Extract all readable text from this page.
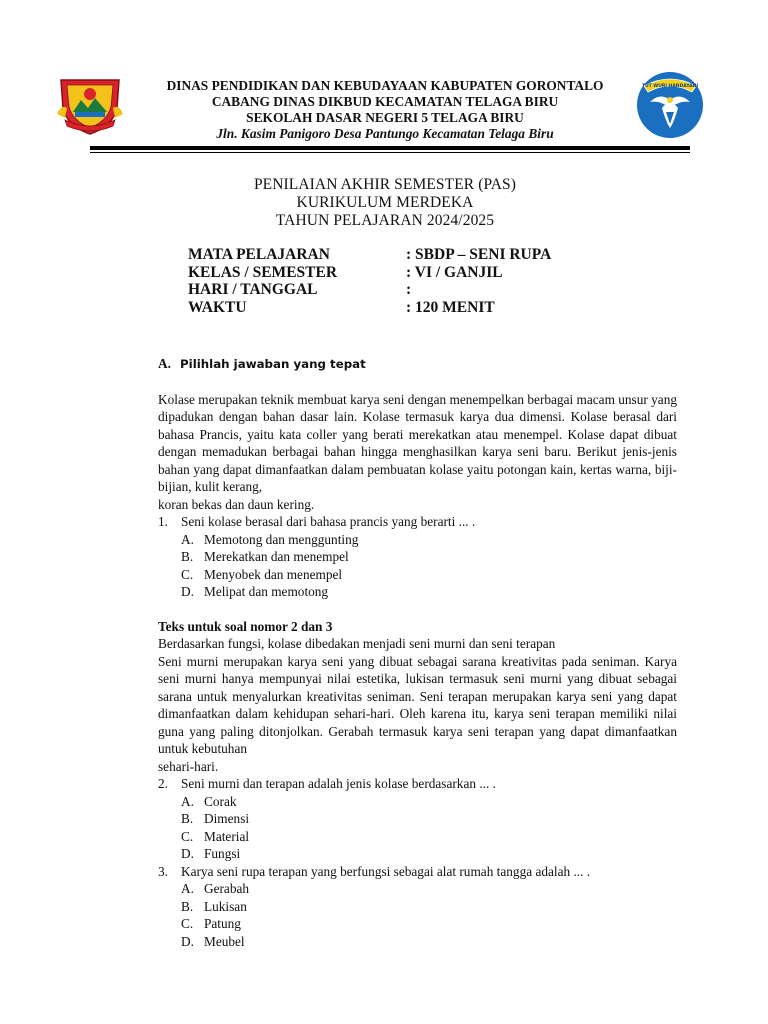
DINAS PENDIDIKAN DAN KEBUDAYAAN KABUPATEN GORONTALO
CABANG DINAS DIKBUD KECAMATAN TELAGA BIRU
SEKOLAH DASAR NEGERI 5 TELAGA BIRU
Jln. Kasim Panigoro Desa Pantungo Kecamatan Telaga Biru
TUT WURI HANDAYANI
PENILAIAN AKHIR SEMESTER (PAS)
KURIKULUM MERDEKA
TAHUN PELAJARAN 2024/2025
MATA PELAJARAN	: SBDP – SENI RUPA
KELAS / SEMESTER	: VI / GANJIL
HARI / TANGGAL	:
WAKTU	: 120 MENIT
A. Pilihlah jawaban yang tepat

Kolase merupakan teknik membuat karya seni dengan menempelkan berbagai macam unsur yang dipadukan dengan bahan dasar lain. Kolase termasuk karya dua dimensi. Kolase berasal dari bahasa Prancis, yaitu kata coller yang berati merekatkan atau menempel. Kolase dapat dibuat dengan memadukan berbagai bahan hingga menghasilkan karya seni baru. Berikut jenis-jenis bahan yang dapat dimanfaatkan dalam pembuatan kolase yaitu potongan kain, kertas warna, biji-bijian, kulit kerang,

koran bekas dan daun kering.

1. Seni kolase berasal dari bahasa prancis yang berarti ... .
A. Memotong dan menggunting
B. Merekatkan dan menempel
C. Menyobek dan menempel
D. Melipat dan memotong

Teks untuk soal nomor 2 dan 3

Berdasarkan fungsi, kolase dibedakan menjadi seni murni dan seni terapan

Seni murni merupakan karya seni yang dibuat sebagai sarana kreativitas pada seniman. Karya seni murni hanya mempunyai nilai estetika, lukisan termasuk seni murni yang dibuat sebagai sarana untuk menyalurkan kreativitas seniman. Seni terapan merupakan karya seni yang dapat dimanfaatkan dalam kehidupan sehari-hari. Oleh karena itu, karya seni terapan memiliki nilai guna yang paling ditonjolkan. Gerabah termasuk karya seni terapan yang dapat dimanfaatkan untuk kebutuhan

sehari-hari.

2. Seni murni dan terapan adalah jenis kolase berdasarkan ... .
A. Corak
B. Dimensi
C. Material
D. Fungsi
3. Karya seni rupa terapan yang berfungsi sebagai alat rumah tangga adalah ... .
A. Gerabah
B. Lukisan
C. Patung
D. Meubel
